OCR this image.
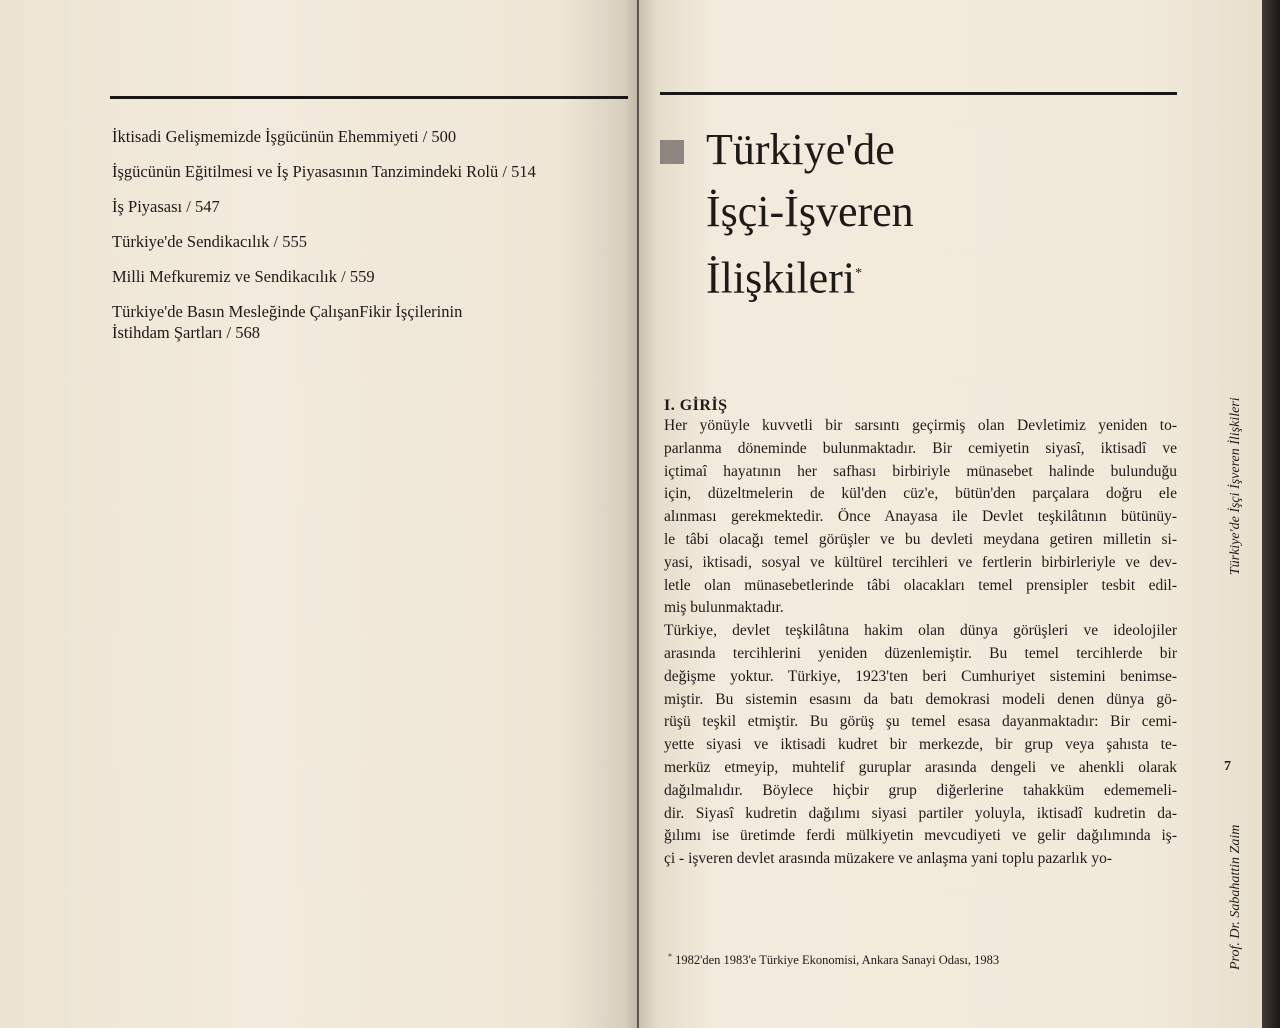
İktisadi Gelişmemizde İşgücünün Ehemmiyeti / 500
İşgücünün Eğitilmesi ve İş Piyasasının Tanzimindeki Rolü / 514
İş Piyasası / 547
Türkiye'de Sendikacılık / 555
Milli Mefkuremiz ve Sendikacılık / 559
Türkiye'de Basın Mesleğinde ÇalışanFikir İşçilerinin
İstihdam Şartları / 568
Türkiye'de
İşçi-İşveren
İlişkileri*
I. GİRİŞ
Her yönüyle kuvvetli bir sarsıntı geçirmiş olan Devletimiz yeniden to-
parlanma döneminde bulunmaktadır. Bir cemiyetin siyasî, iktisadî ve
içtimaî hayatının her safhası birbiriyle münasebet halinde bulunduğu
için, düzeltmelerin de kül'den cüz'e, bütün'den parçalara doğru ele
alınması gerekmektedir. Önce Anayasa ile Devlet teşkilâtının bütünüy-
le tâbi olacağı temel görüşler ve bu devleti meydana getiren milletin si-
yasi, iktisadi, sosyal ve kültürel tercihleri ve fertlerin birbirleriyle ve dev-
letle olan münasebetlerinde tâbi olacakları temel prensipler tesbit edil-
miş bulunmaktadır.
Türkiye, devlet teşkilâtına hakim olan dünya görüşleri ve ideolojiler
arasında tercihlerini yeniden düzenlemiştir. Bu temel tercihlerde bir
değişme yoktur. Türkiye, 1923'ten beri Cumhuriyet sistemini benimse-
miştir. Bu sistemin esasını da batı demokrasi modeli denen dünya gö-
rüşü teşkil etmiştir. Bu görüş şu temel esasa dayanmaktadır: Bir cemi-
yette siyasi ve iktisadi kudret bir merkezde, bir grup veya şahısta te-
merküz etmeyip, muhtelif guruplar arasında dengeli ve ahenkli olarak
dağılmalıdır. Böylece hiçbir grup diğerlerine tahakküm edememeli-
dir. Siyasî kudretin dağılımı siyasi partiler yoluyla, iktisadî kudretin da-
ğılımı ise üretimde ferdi mülkiyetin mevcudiyeti ve gelir dağılımında iş-
çi - işveren devlet arasında müzakere ve anlaşma yani toplu pazarlık yo-
* 1982'den 1983'e Türkiye Ekonomisi, Ankara Sanayi Odası, 1983
7
Prof. Dr. Sabahattin Zaim Türkiye'de İşçi İşveren İlişkileri
